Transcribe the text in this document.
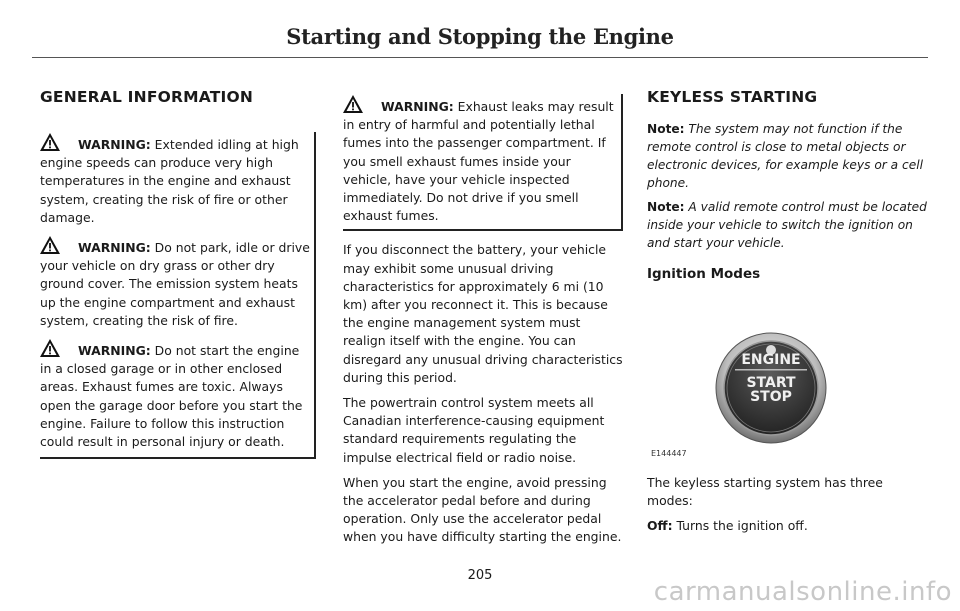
Starting and Stopping the Engine
GENERAL INFORMATION

WARNING: Extended idling at high engine speeds can produce very high temperatures in the engine and exhaust system, creating the risk of fire or other damage.

WARNING: Do not park, idle or drive your vehicle on dry grass or other dry ground cover. The emission system heats up the engine compartment and exhaust system, creating the risk of fire.

WARNING: Do not start the engine in a closed garage or in other enclosed areas. Exhaust fumes are toxic. Always open the garage door before you start the engine. Failure to follow this instruction could result in personal injury or death.

WARNING: Exhaust leaks may result in entry of harmful and potentially lethal fumes into the passenger compartment. If you smell exhaust fumes inside your vehicle, have your vehicle inspected immediately. Do not drive if you smell exhaust fumes.

If you disconnect the battery, your vehicle may exhibit some unusual driving characteristics for approximately 6 mi (10 km) after you reconnect it. This is because the engine management system must realign itself with the engine. You can disregard any unusual driving characteristics during this period.

The powertrain control system meets all Canadian interference-causing equipment standard requirements regulating the impulse electrical field or radio noise.

When you start the engine, avoid pressing the accelerator pedal before and during operation. Only use the accelerator pedal when you have difficulty starting the engine.

KEYLESS STARTING

Note: The system may not function if the remote control is close to metal objects or electronic devices, for example keys or a cell phone.

Note: A valid remote control must be located inside your vehicle to switch the ignition on and start your vehicle.

Ignition Modes
ENGINE
START
STOP
E144447

The keyless starting system has three modes:

Off: Turns the ignition off.

205
carmanualsonline.info
